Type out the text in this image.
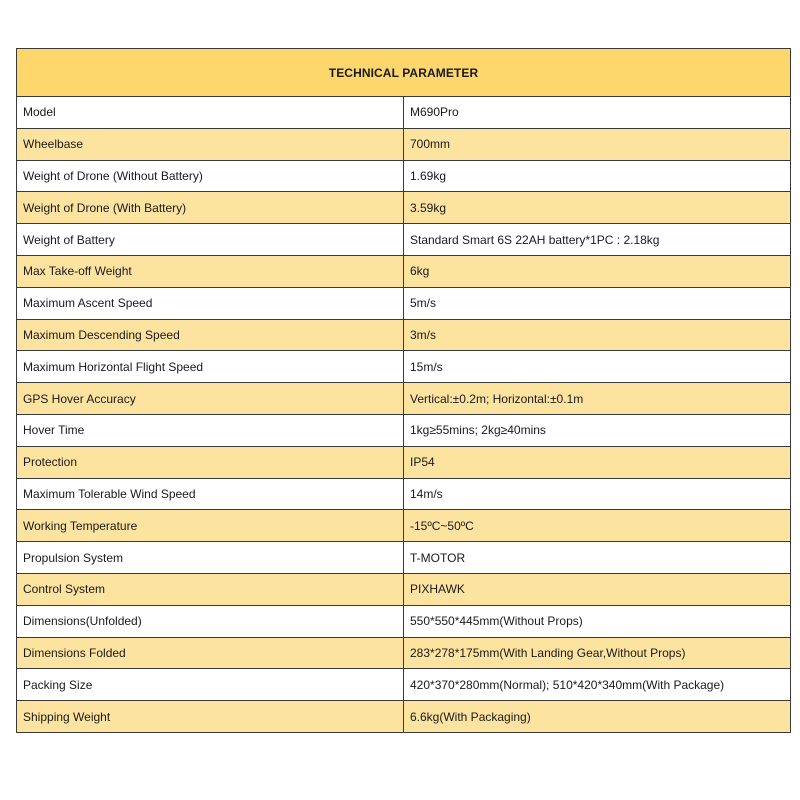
TECHNICAL PARAMETER	
Model	M690Pro
Wheelbase	700mm
Weight of Drone (Without Battery)	1.69kg
Weight of Drone (With Battery)	3.59kg
Weight of Battery	Standard Smart 6S 22AH battery*1PC : 2.18kg
Max Take-off Weight	6kg
Maximum Ascent Speed	5m/s
Maximum Descending Speed	3m/s
Maximum Horizontal Flight Speed	15m/s
GPS Hover Accuracy	Vertical:±0.2m; Horizontal:±0.1m
Hover Time	1kg≥55mins; 2kg≥40mins
Protection	IP54
Maximum Tolerable Wind Speed	14m/s
Working Temperature	-15ºC~50ºC
Propulsion System	T-MOTOR
Control System	PIXHAWK
Dimensions(Unfolded)	550*550*445mm(Without Props)
Dimensions Folded	283*278*175mm(With Landing Gear,Without Props)
Packing Size	420*370*280mm(Normal); 510*420*340mm(With Package)
Shipping Weight	6.6kg(With Packaging)
